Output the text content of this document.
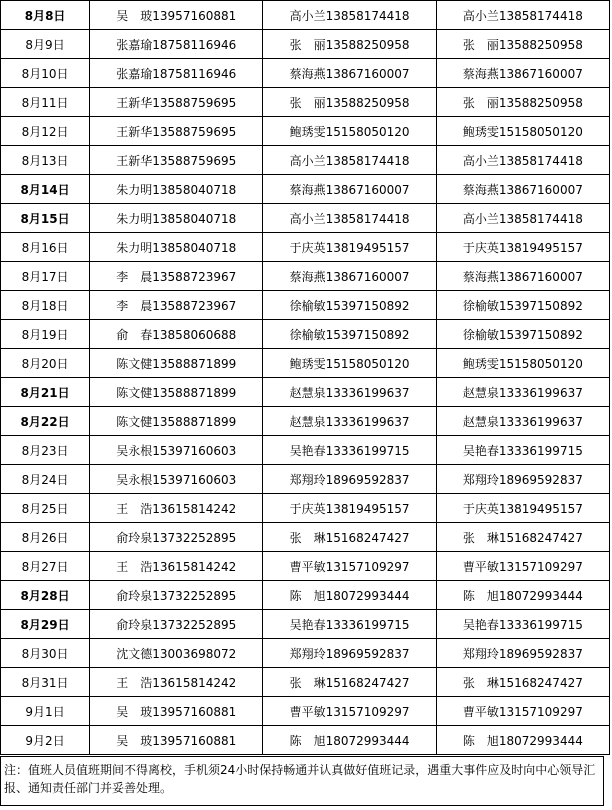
8月8日	吴　玻13957160881	高小兰13858174418	高小兰13858174418
8月9日	张嘉瑜18758116946	张　丽13588250958	张　丽13588250958
8月10日	张嘉瑜18758116946	蔡海燕13867160007	蔡海燕13867160007
8月11日	王新华13588759695	张　丽13588250958	张　丽13588250958
8月12日	王新华13588759695	鲍琇雯15158050120	鲍琇雯15158050120
8月13日	王新华13588759695	高小兰13858174418	高小兰13858174418
8月14日	朱力明13858040718	蔡海燕13867160007	蔡海燕13867160007
8月15日	朱力明13858040718	高小兰13858174418	高小兰13858174418
8月16日	朱力明13858040718	于庆英13819495157	于庆英13819495157
8月17日	李　晨13588723967	蔡海燕13867160007	蔡海燕13867160007
8月18日	李　晨13588723967	徐榆敏15397150892	徐榆敏15397150892
8月19日	俞　春13858060688	徐榆敏15397150892	徐榆敏15397150892
8月20日	陈文健13588871899	鲍琇雯15158050120	鲍琇雯15158050120
8月21日	陈文健13588871899	赵慧泉13336199637	赵慧泉13336199637
8月22日	陈文健13588871899	赵慧泉13336199637	赵慧泉13336199637
8月23日	吴永根15397160603	吴艳春13336199715	吴艳春13336199715
8月24日	吴永根15397160603	郑翔玲18969592837	郑翔玲18969592837
8月25日	王　浩13615814242	于庆英13819495157	于庆英13819495157
8月26日	俞玲泉13732252895	张　琳15168247427	张　琳15168247427
8月27日	王　浩13615814242	曹平敏13157109297	曹平敏13157109297
8月28日	俞玲泉13732252895	陈　旭18072993444	陈　旭18072993444
8月29日	俞玲泉13732252895	吴艳春13336199715	吴艳春13336199715
8月30日	沈文德13003698072	郑翔玲18969592837	郑翔玲18969592837
8月31日	王　浩13615814242	张　琳15168247427	张　琳15168247427
9月1日	吴　玻13957160881	曹平敏13157109297	曹平敏13157109297
9月2日	吴　玻13957160881	陈　旭18072993444	陈　旭18072993444
注：值班人员值班期间不得离校，手机须24小时保持畅通并认真做好值班记录，遇重大事件应及时向中心领导汇报、通知责任部门并妥善处理。
